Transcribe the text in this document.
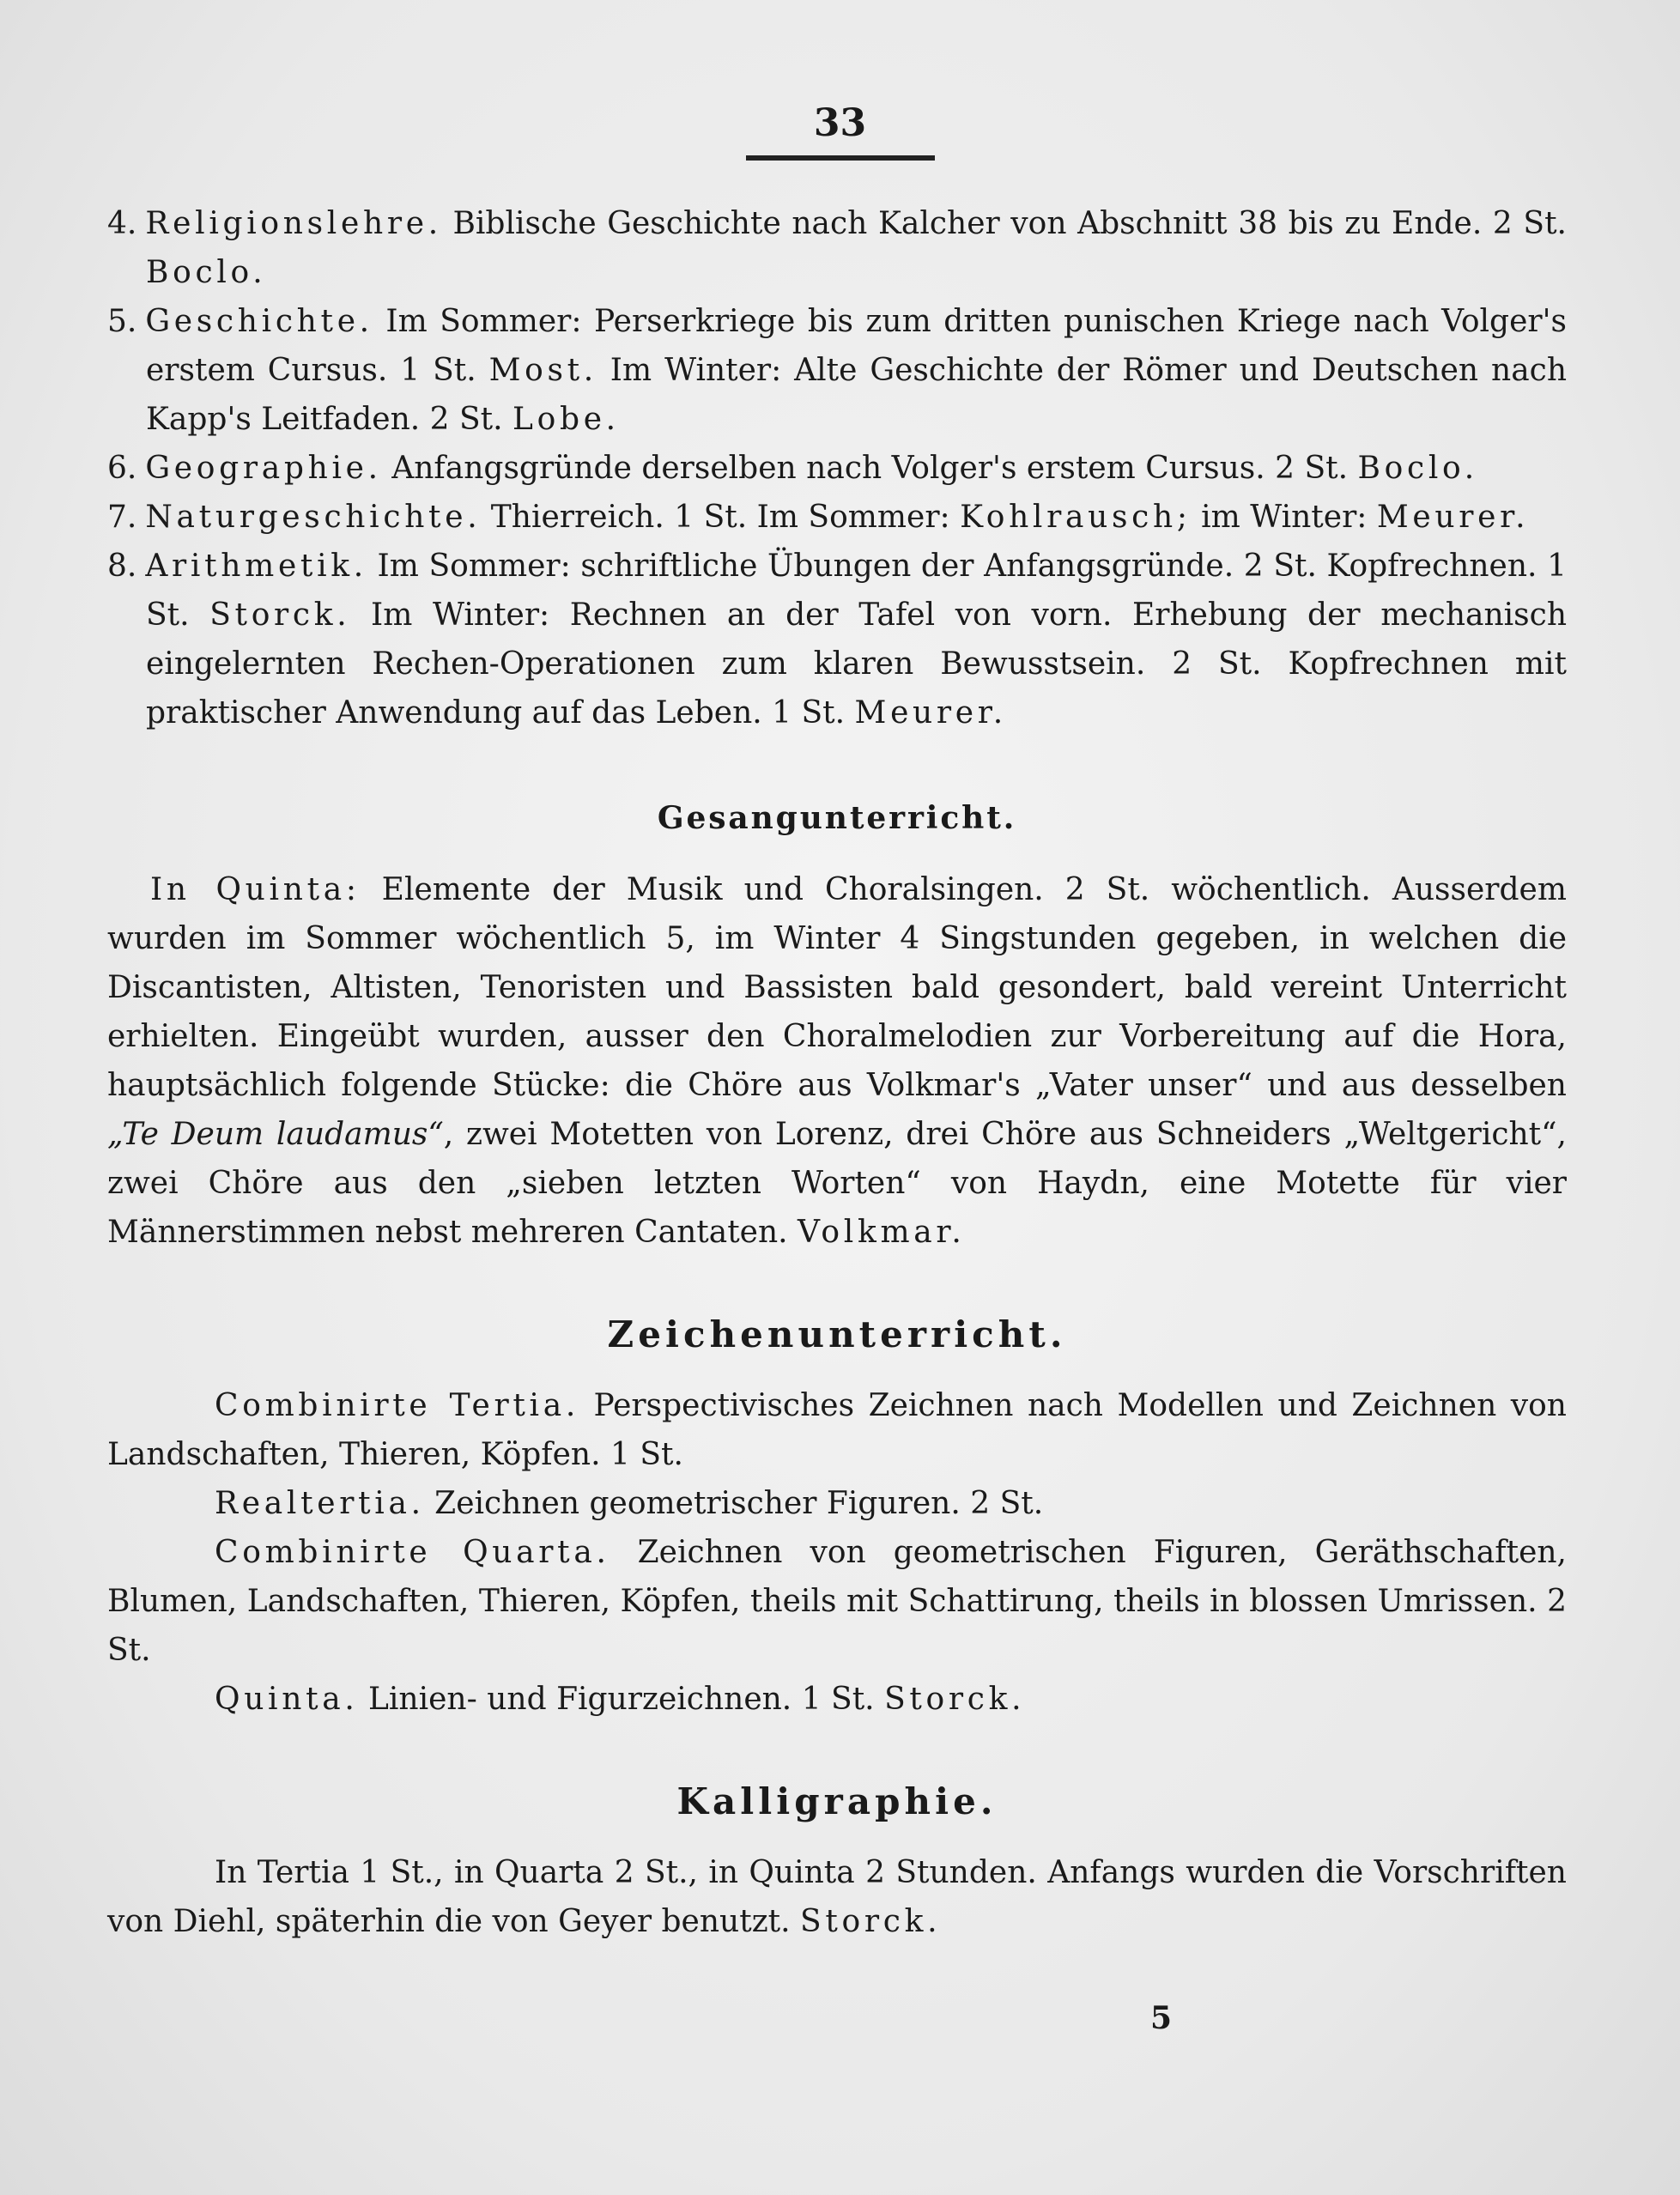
33

4. Religionslehre. Biblische Geschichte nach Kalcher von Abschnitt 38 bis zu Ende. 2 St. Boclo.

5. Geschichte. Im Sommer: Perserkriege bis zum dritten punischen Kriege nach Volger's erstem Cursus. 1 St. Most. Im Winter: Alte Geschichte der Römer und Deutschen nach Kapp's Leitfaden. 2 St. Lobe.

6. Geographie. Anfangsgründe derselben nach Volger's erstem Cursus. 2 St. Boclo.

7. Naturgeschichte. Thierreich. 1 St. Im Sommer: Kohlrausch; im Winter: Meurer.

8. Arithmetik. Im Sommer: schriftliche Übungen der Anfangsgründe. 2 St. Kopfrechnen. 1 St. Storck. Im Winter: Rechnen an der Tafel von vorn. Erhebung der mechanisch eingelernten Rechen-Operationen zum klaren Bewusstsein. 2 St. Kopfrechnen mit praktischer Anwendung auf das Leben. 1 St. Meurer.

Gesangunterricht.

In Quinta: Elemente der Musik und Choralsingen. 2 St. wöchentlich. Ausserdem wurden im Sommer wöchentlich 5, im Winter 4 Singstunden gegeben, in welchen die Discantisten, Altisten, Tenoristen und Bassisten bald gesondert, bald vereint Unterricht erhielten. Eingeübt wurden, ausser den Choralmelodien zur Vorbereitung auf die Hora, hauptsächlich folgende Stücke: die Chöre aus Volkmar's „Vater unser“ und aus desselben „Te Deum laudamus“, zwei Motetten von Lorenz, drei Chöre aus Schneiders „Weltgericht“, zwei Chöre aus den „sieben letzten Worten“ von Haydn, eine Motette für vier Männerstimmen nebst mehreren Cantaten. Volkmar.

Zeichenunterricht.

Combinirte Tertia. Perspectivisches Zeichnen nach Modellen und Zeichnen von Landschaften, Thieren, Köpfen. 1 St.

Realtertia. Zeichnen geometrischer Figuren. 2 St.

Combinirte Quarta. Zeichnen von geometrischen Figuren, Geräthschaften, Blumen, Landschaften, Thieren, Köpfen, theils mit Schattirung, theils in blossen Umrissen. 2 St.

Quinta. Linien- und Figurzeichnen. 1 St. Storck.

Kalligraphie.

In Tertia 1 St., in Quarta 2 St., in Quinta 2 Stunden. Anfangs wurden die Vorschriften von Diehl, späterhin die von Geyer benutzt. Storck.

5
